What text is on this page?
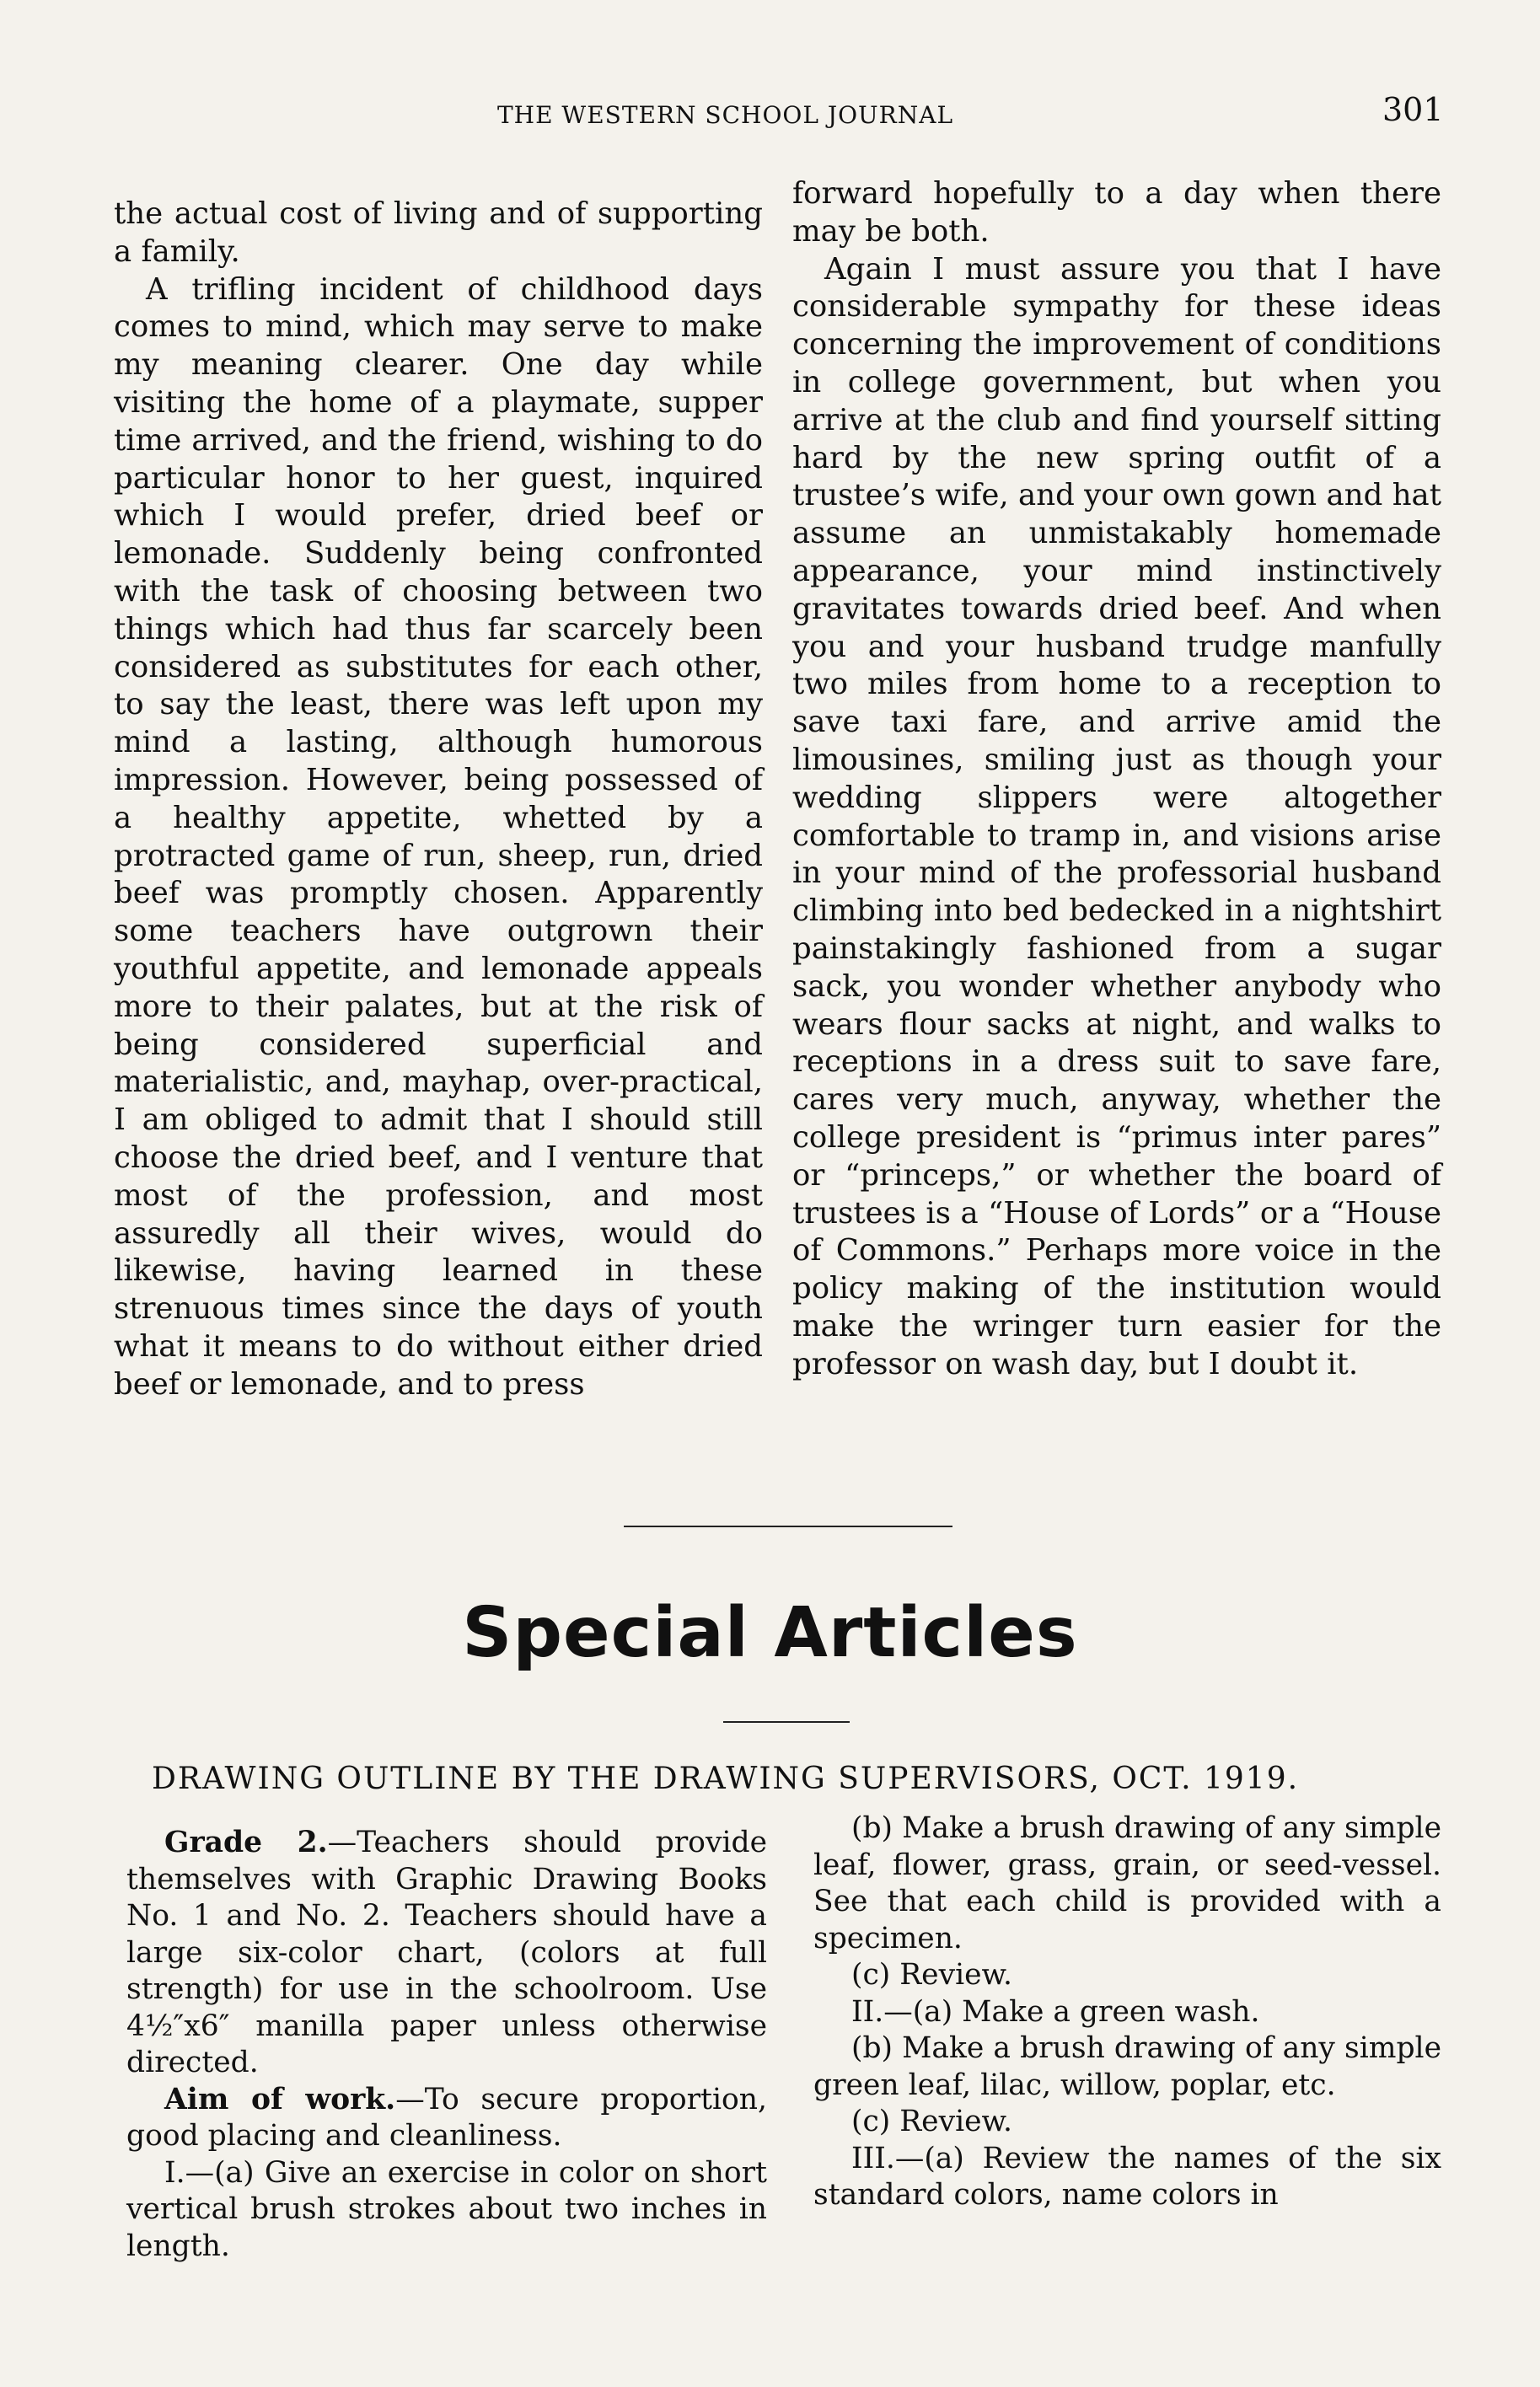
THE WESTERN SCHOOL JOURNAL	301

the actual cost of living and of supporting a family.

A trifling incident of childhood days comes to mind, which may serve to make my meaning clearer. One day while visiting the home of a playmate, supper time arrived, and the friend, wishing to do particular honor to her guest, inquired which I would prefer, dried beef or lemonade. Suddenly being confronted with the task of choosing between two things which had thus far scarcely been considered as substitutes for each other, to say the least, there was left upon my mind a lasting, although humorous impression. However, being possessed of a healthy appetite, whetted by a protracted game of run, sheep, run, dried beef was promptly chosen. Apparently some teachers have outgrown their youthful appetite, and lemonade appeals more to their palates, but at the risk of being considered superficial and materialistic, and, mayhap, over-practical, I am obliged to admit that I should still choose the dried beef, and I venture that most of the profession, and most assuredly all their wives, would do likewise, having learned in these strenuous times since the days of youth what it means to do without either dried beef or lemonade, and to press

forward hopefully to a day when there may be both.

Again I must assure you that I have considerable sympathy for these ideas concerning the improvement of conditions in college government, but when you arrive at the club and find yourself sitting hard by the new spring outfit of a trustee’s wife, and your own gown and hat assume an unmistakably homemade appearance, your mind instinctively gravitates towards dried beef. And when you and your husband trudge manfully two miles from home to a reception to save taxi fare, and arrive amid the limousines, smiling just as though your wedding slippers were altogether comfortable to tramp in, and visions arise in your mind of the professorial husband climbing into bed bedecked in a nightshirt painstakingly fashioned from a sugar sack, you wonder whether anybody who wears flour sacks at night, and walks to receptions in a dress suit to save fare, cares very much, anyway, whether the college president is “primus inter pares” or “princeps,” or whether the board of trustees is a “House of Lords” or a “House of Commons.” Perhaps more voice in the policy making of the institution would make the wringer turn easier for the professor on wash day, but I doubt it.

Special Articles
DRAWING OUTLINE BY THE DRAWING SUPERVISORS, OCT. 1919.

Grade 2.—Teachers should provide themselves with Graphic Drawing Books No. 1 and No. 2. Teachers should have a large six-color chart, (colors at full strength) for use in the schoolroom. Use 4½″x6″ manilla paper unless otherwise directed.

Aim of work.—To secure proportion, good placing and cleanliness.

I.—(a) Give an exercise in color on short vertical brush strokes about two inches in length.

(b) Make a brush drawing of any simple leaf, flower, grass, grain, or seed-vessel. See that each child is provided with a specimen.

(c) Review.

II.—(a) Make a green wash.

(b) Make a brush drawing of any simple green leaf, lilac, willow, poplar, etc.

(c) Review.

III.—(a) Review the names of the six standard colors, name colors in
